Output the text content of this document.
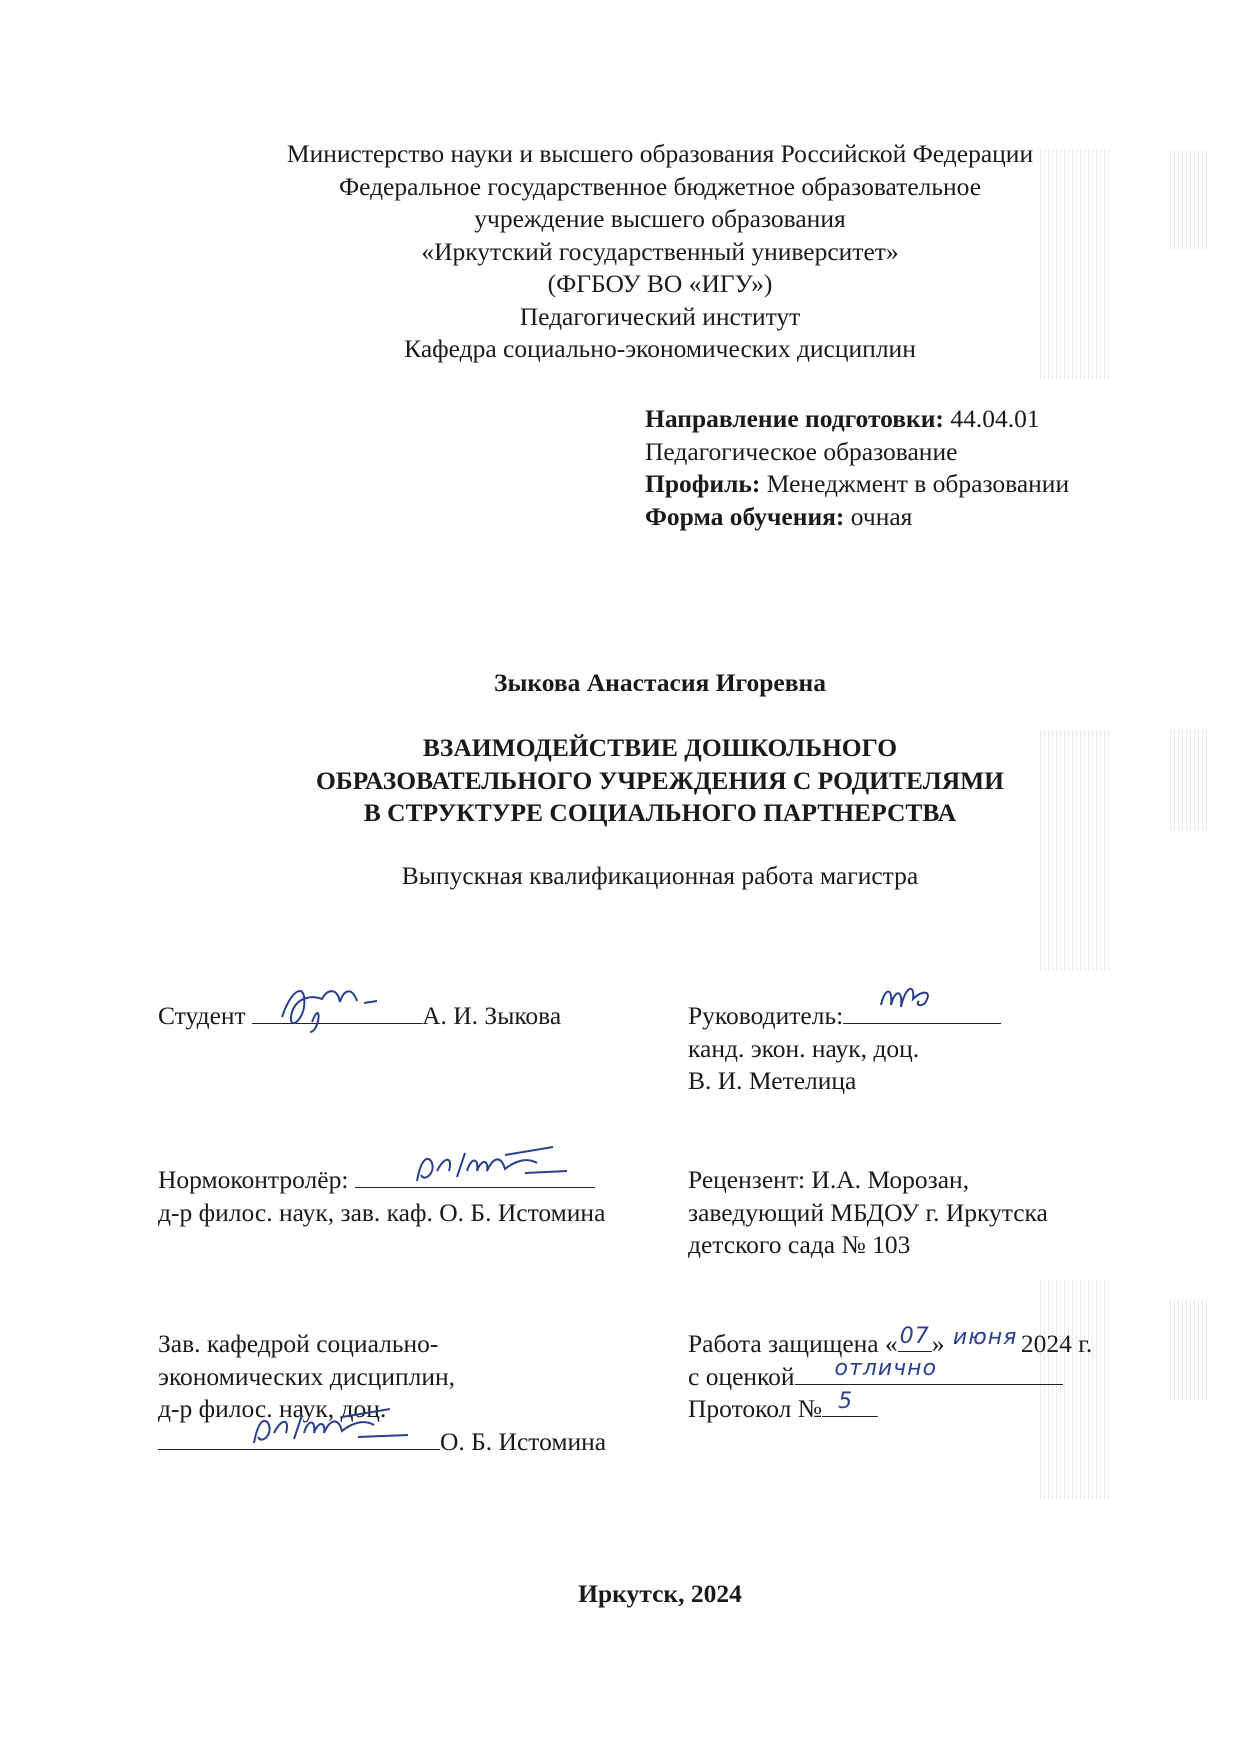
Министерство науки и высшего образования Российской Федерации
Федеральное государственное бюджетное образовательное
учреждение высшего образования
«Иркутский государственный университет»
(ФГБОУ ВО «ИГУ»)
Педагогический институт
Кафедра социально-экономических дисциплин
Направление подготовки: 44.04.01
Педагогическое образование
Профиль: Менеджмент в образовании
Форма обучения: очная
Зыкова Анастасия Игоревна
ВЗАИМОДЕЙСТВИЕ ДОШКОЛЬНОГО
ОБРАЗОВАТЕЛЬНОГО УЧРЕЖДЕНИЯ С РОДИТЕЛЯМИ
В СТРУКТУРЕ СОЦИАЛЬНОГО ПАРТНЕРСТВА
Выпускная квалификационная работа магистра
Студент	А. И. Зыкова	Руководитель:
канд. экон. наук, доц.
В. И. Метелица
Нормоконтролёр:
д-р филос. наук, зав. каф. О. Б. Истомина
Рецензент: И.А. Морозан,
заведующий МБДОУ г. Иркутска
детского сада № 103
Зав. кафедрой социально-
экономических дисциплин,
д-р филос. наук, доц.
О. Б. Истомина
Работа защищена « 07 » июня 2024 г.
с оценкой отлично
Протокол № 5
Иркутск, 2024
